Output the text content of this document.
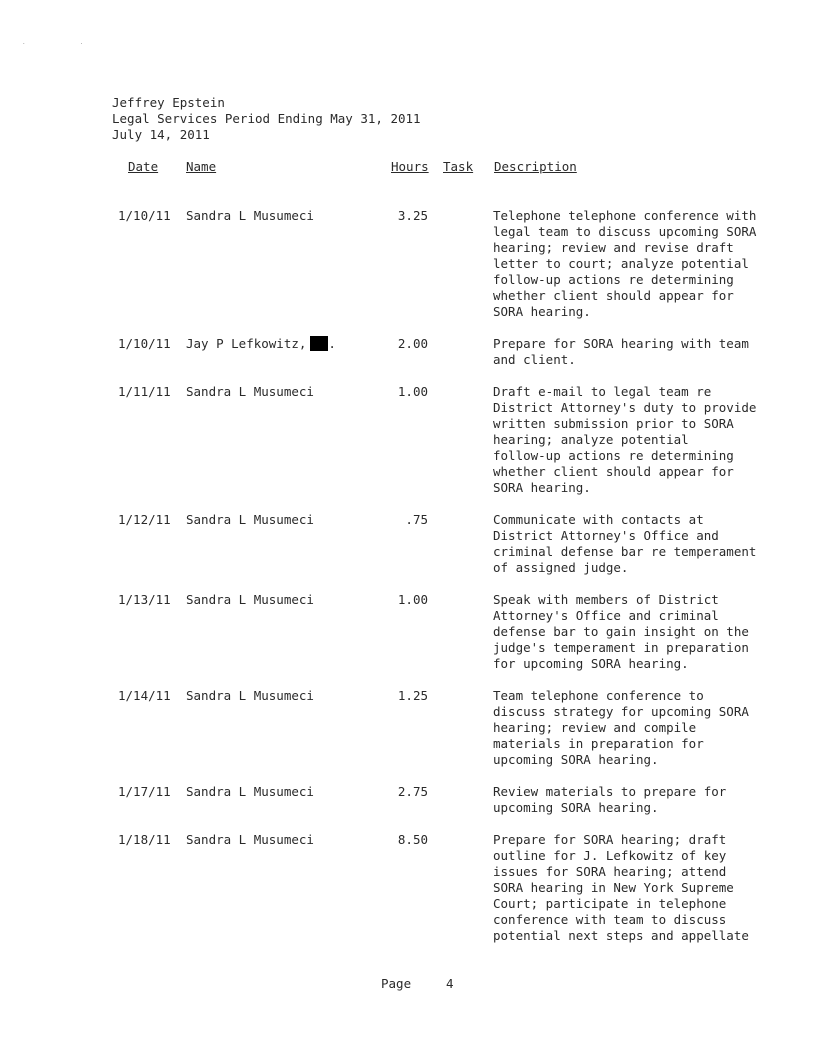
.               .
Jeffrey Epstein
Legal Services Period Ending May 31, 2011
July 14, 2011
Date Name	Hours Task Description
1/10/11 Sandra L Musumeci	3.25	Telephone telephone conference with
legal team to discuss upcoming SORA
hearing; review and revise draft
letter to court; analyze potential
follow-up actions re determining
whether client should appear for
SORA hearing.
1/10/11 Jay P Lefkowitz, .	2.00	Prepare for SORA hearing with team
and client.
1/11/11 Sandra L Musumeci	1.00	Draft e-mail to legal team re
District Attorney's duty to provide
written submission prior to SORA
hearing; analyze potential
follow-up actions re determining
whether client should appear for
SORA hearing.
1/12/11 Sandra L Musumeci	.75	Communicate with contacts at
District Attorney's Office and
criminal defense bar re temperament
of assigned judge.
1/13/11 Sandra L Musumeci	1.00	Speak with members of District
Attorney's Office and criminal
defense bar to gain insight on the
judge's temperament in preparation
for upcoming SORA hearing.
1/14/11 Sandra L Musumeci	1.25	Team telephone conference to
discuss strategy for upcoming SORA
hearing; review and compile
materials in preparation for
upcoming SORA hearing.
1/17/11 Sandra L Musumeci	2.75	Review materials to prepare for
upcoming SORA hearing.
1/18/11 Sandra L Musumeci	8.50	Prepare for SORA hearing; draft
outline for J. Lefkowitz of key
issues for SORA hearing; attend
SORA hearing in New York Supreme
Court; participate in telephone
conference with team to discuss
potential next steps and appellate
Page	4
